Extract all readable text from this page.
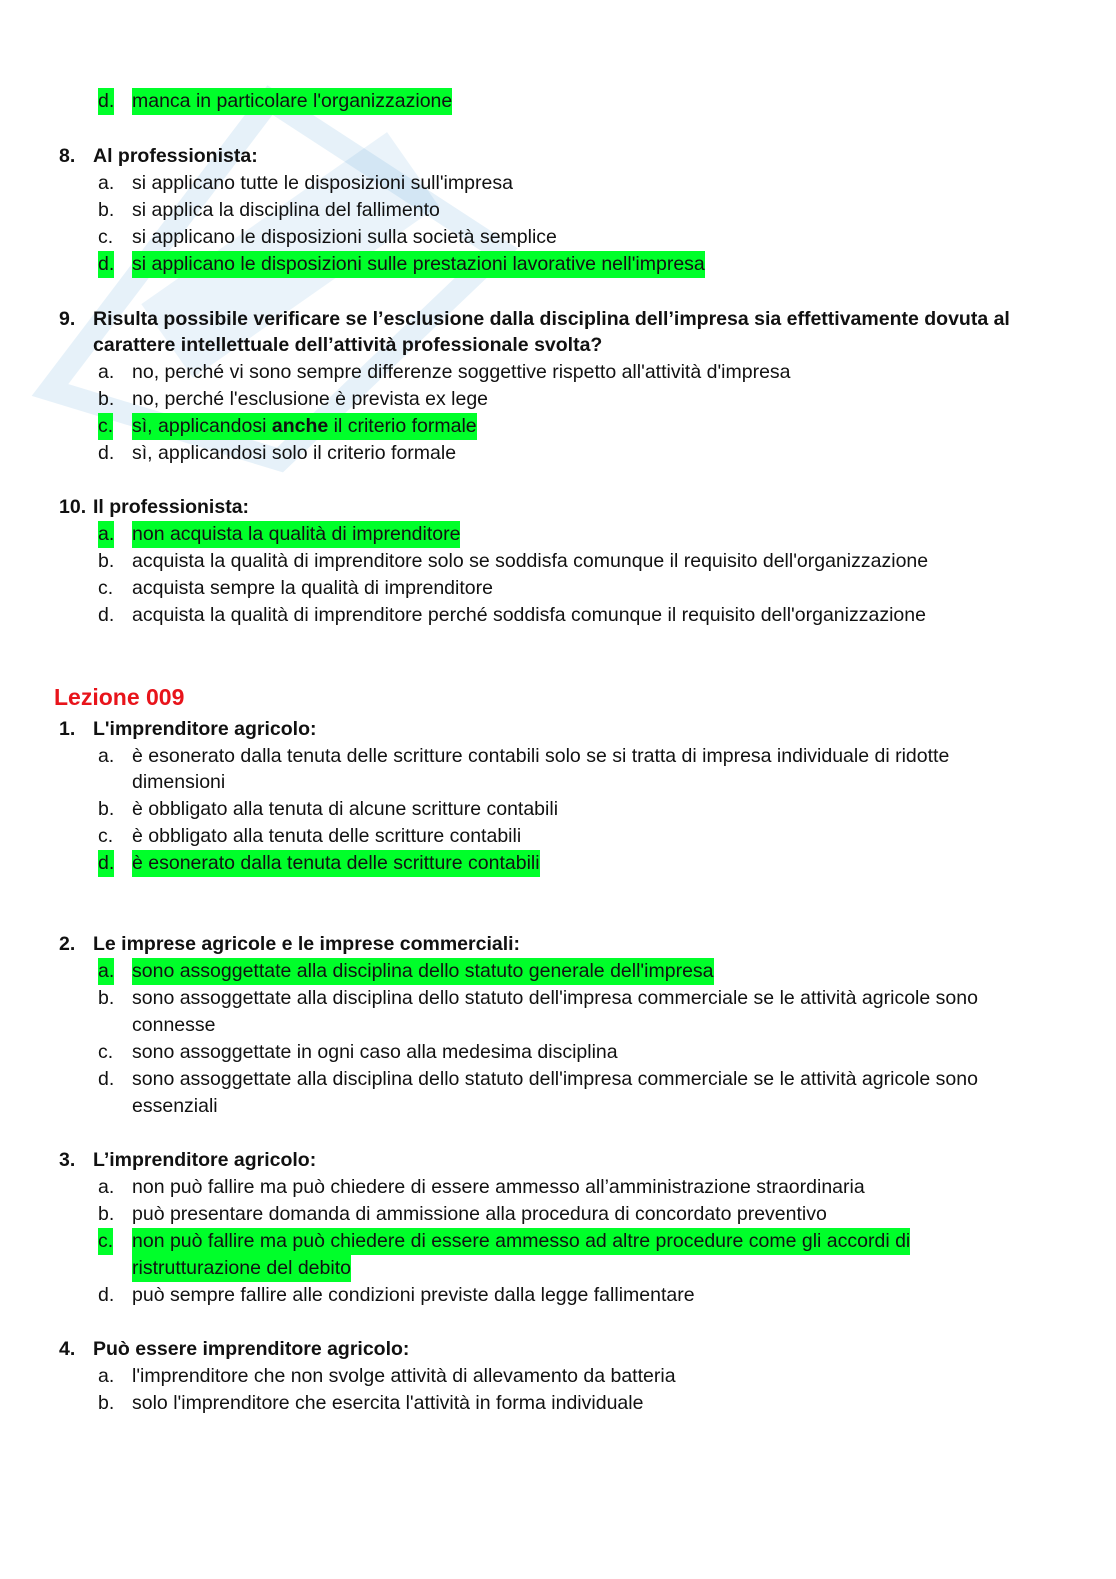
d. manca in particolare l'organizzazione
8. Al professionista:
a. si applicano tutte le disposizioni sull'impresa
b. si applica la disciplina del fallimento
c. si applicano le disposizioni sulla società semplice
d. si applicano le disposizioni sulle prestazioni lavorative nell'impresa
9. Risulta possibile verificare se l’esclusione dalla disciplina dell’impresa sia effettivamente dovuta al
carattere intellettuale dell’attività professionale svolta?
a. no, perché vi sono sempre differenze soggettive rispetto all'attività d'impresa
b. no, perché l'esclusione è prevista ex lege
c. sì, applicandosi anche il criterio formale
d. sì, applicandosi solo il criterio formale
10. Il professionista:
a. non acquista la qualità di imprenditore
b. acquista la qualità di imprenditore solo se soddisfa comunque il requisito dell'organizzazione
c. acquista sempre la qualità di imprenditore
d. acquista la qualità di imprenditore perché soddisfa comunque il requisito dell'organizzazione
Lezione 009
1. L'imprenditore agricolo:
a. è esonerato dalla tenuta delle scritture contabili solo se si tratta di impresa individuale di ridotte
dimensioni
b. è obbligato alla tenuta di alcune scritture contabili
c. è obbligato alla tenuta delle scritture contabili
d. è esonerato dalla tenuta delle scritture contabili
2. Le imprese agricole e le imprese commerciali:
a. sono assoggettate alla disciplina dello statuto generale dell'impresa
b. sono assoggettate alla disciplina dello statuto dell'impresa commerciale se le attività agricole sono
connesse
c. sono assoggettate in ogni caso alla medesima disciplina
d. sono assoggettate alla disciplina dello statuto dell'impresa commerciale se le attività agricole sono
essenziali
3. L’imprenditore agricolo:
a. non può fallire ma può chiedere di essere ammesso all’amministrazione straordinaria
b. può presentare domanda di ammissione alla procedura di concordato preventivo
c. non può fallire ma può chiedere di essere ammesso ad altre procedure come gli accordi di
ristrutturazione del debito
d. può sempre fallire alle condizioni previste dalla legge fallimentare
4. Può essere imprenditore agricolo:
a. l'imprenditore che non svolge attività di allevamento da batteria
b. solo l'imprenditore che esercita l'attività in forma individuale
